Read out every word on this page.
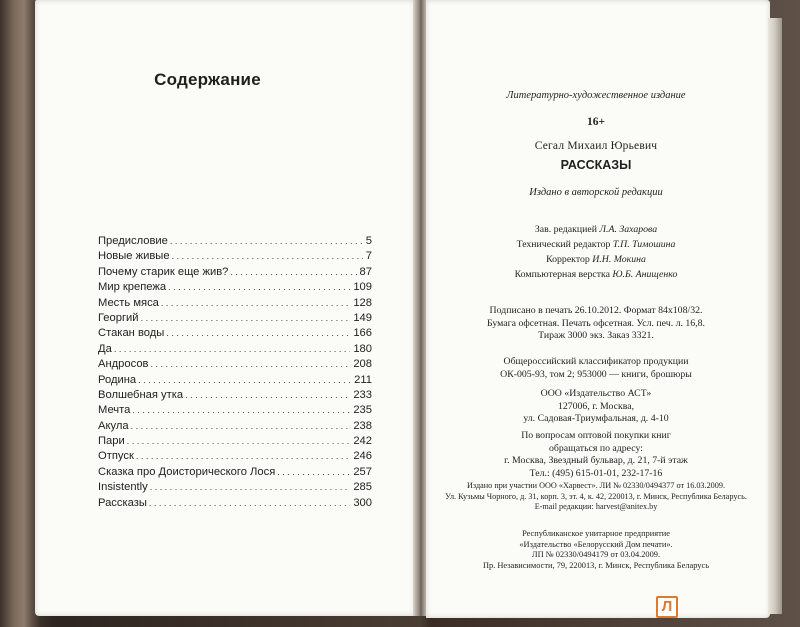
Содержание
Предисловие . . .	5
Новые живые . . .	7
Почему старик еще жив? . . .	87
Мир крепежа . . .	109
Месть мяса . . .	128
Георгий . . .	149
Стакан воды . . .	166
Да . . .	180
Андросов . . .	208
Родина . . .	211
Волшебная утка . . .	233
Мечта . . .	235
Акула . . .	238
Пари . . .	242
Отпуск . . .	246
Сказка про Доисторического Лося . . .	257
Insistently . . .	285
Рассказы . . .	300
Литературно-художественное издание
16+
Сегал Михаил Юрьевич
РАССКАЗЫ
Издано в авторской редакции
Зав. редакцией Л.А. Захарова
Технический редактор Т.П. Тимошина
Корректор И.Н. Мокина
Компьютерная верстка Ю.Б. Анищенко
Подписано в печать 26.10.2012. Формат 84x108/32.
Бумага офсетная. Печать офсетная. Усл. печ. л. 16,8.
Тираж 3000 экз. Заказ 3321.
Общероссийский классификатор продукции
ОК-005-93, том 2; 953000 — книги, брошюры
ООО «Издательство АСТ»
127006, г. Москва,
ул. Садовая-Триумфальная, д. 4-10
По вопросам оптовой покупки книг
обращаться по адресу:
г. Москва, Звездный бульвар, д. 21, 7-й этаж
Тел.: (495) 615-01-01, 232-17-16
Издано при участии ООО «Харвест». ЛИ № 02330/0494377 от 16.03.2009.
Ул. Кузьмы Чорного, д. 31, корп. 3, эт. 4, к. 42, 220013, г. Минск, Республика Беларусь.
E-mail редакции: harvest@anitex.by
Республиканское унитарное предприятие
«Издательство «Белорусский Дом печати».
ЛП № 02330/0494179 от 03.04.2009.
Пр. Независимости, 79, 220013, г. Минск, Республика Беларусь
Л
